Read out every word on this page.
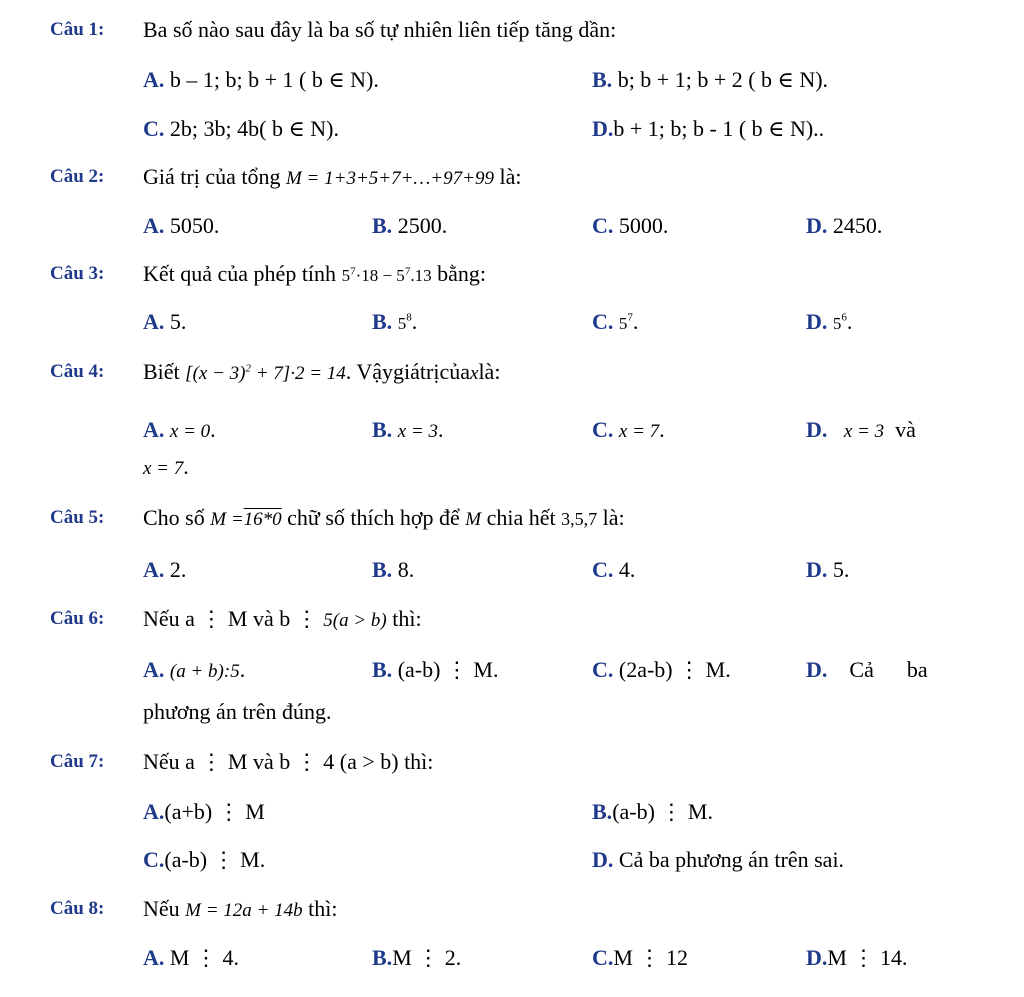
Câu 1: Ba số nào sau đây là ba số tự nhiên liên tiếp tăng dần:
A. b – 1; b; b + 1 ( b ∈ N).	B. b; b + 1; b + 2 ( b ∈ N).
C. 2b; 3b; 4b( b ∈ N).	D.b + 1; b; b - 1 ( b ∈ N)..
Câu 2: Giá trị của tổng M = 1+3+5+7+…+97+99 là:
A. 5050.	B. 2500.	C. 5000.	D. 2450.
Câu 3: Kết quả của phép tính $5^7\cdot 18 - 5^7.13$ bằng:
A. 5.	B. $5^8$.	C. $5^7$.	D. $5^6$.
Câu 4: Biết $[(x - 3)^2 + 7]\cdot 2 = 14$. Vậygiátrịcủaxlà:
A. x = 0.	B. x = 3.	C. x = 7.	D. x = 3 và
x = 7.
Câu 5: Cho số M =16*0 chữ số thích hợp để M chia hết 3,5,7 là:
A. 2.	B. 8.	C. 4.	D. 5.
Câu 6: Nếu a ⋮ M và b ⋮ 5(a > b) thì:
A. (a + b):5.	B. (a-b) ⋮ M.	C. (2a-b) ⋮ M.	D. Cả ba
phương án trên đúng.
Câu 7: Nếu a ⋮ M và b ⋮ 4 (a > b) thì:
A.(a+b) ⋮ M	B.(a-b) ⋮ M.
C.(a-b) ⋮ M.	D. Cả ba phương án trên sai.
Câu 8: Nếu M = 12a + 14b thì:
A. M ⋮ 4.	B.M ⋮ 2.	C.M ⋮ 12	D.M ⋮ 14.
